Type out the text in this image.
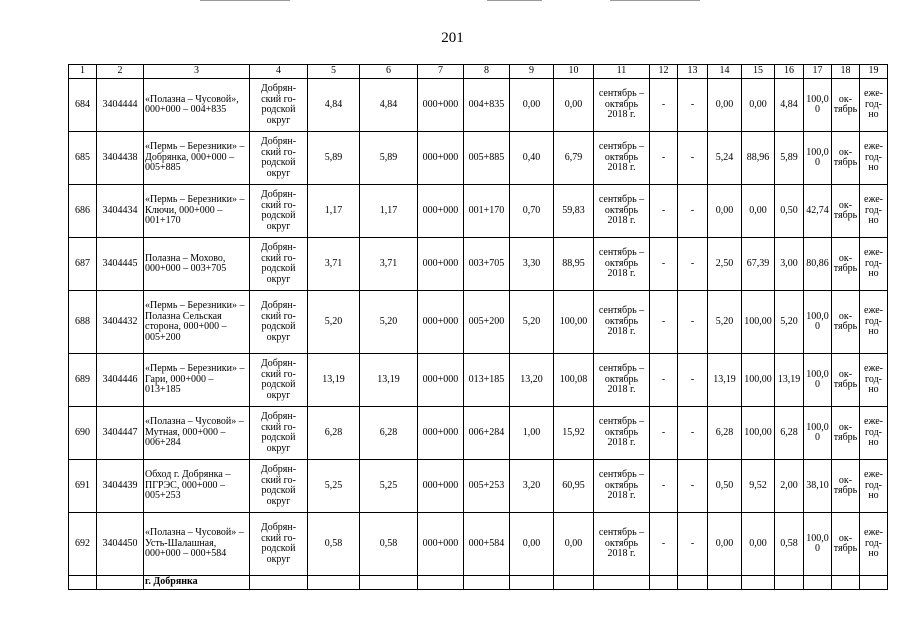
201
1	2	3	4	5	6	7	8	9	10	11	12	13	14	15	16	17	18	19
684	3404444	«Полазна – Чусовой», 000+000 – 004+835	Добрян-ский го-родской округ	4,84	4,84	000+000	004+835	0,00	0,00	сентябрь – октябрь 2018 г.	-	-	0,00	0,00	4,84	100,0 0	ок-тябрь	еже-год-но
685	3404438	«Пермь – Березники» – Добрянка, 000+000 – 005+885	Добрян-ский го-родской округ	5,89	5,89	000+000	005+885	0,40	6,79	сентябрь – октябрь 2018 г.	-	-	5,24	88,96	5,89	100,0 0	ок-тябрь	еже-год-но
686	3404434	«Пермь – Березники» – Ключи, 000+000 – 001+170	Добрян-ский го-родской округ	1,17	1,17	000+000	001+170	0,70	59,83	сентябрь – октябрь 2018 г.	-	-	0,00	0,00	0,50	42,74	ок-тябрь	еже-год-но
687	3404445	Полазна – Мохово, 000+000 – 003+705	Добрян-ский го-родской округ	3,71	3,71	000+000	003+705	3,30	88,95	сентябрь – октябрь 2018 г.	-	-	2,50	67,39	3,00	80,86	ок-тябрь	еже-год-но
688	3404432	«Пермь – Березники» – Полазна Сельская сторона, 000+000 – 005+200	Добрян-ский го-родской округ	5,20	5,20	000+000	005+200	5,20	100,00	сентябрь – октябрь 2018 г.	-	-	5,20	100,00	5,20	100,0 0	ок-тябрь	еже-год-но
689	3404446	«Пермь – Березники» – Гари, 000+000 – 013+185	Добрян-ский го-родской округ	13,19	13,19	000+000	013+185	13,20	100,08	сентябрь – октябрь 2018 г.	-	-	13,19	100,00	13,19	100,0 0	ок-тябрь	еже-год-но
690	3404447	«Полазна – Чусовой» – Мутная, 000+000 – 006+284	Добрян-ский го-родской округ	6,28	6,28	000+000	006+284	1,00	15,92	сентябрь – октябрь 2018 г.	-	-	6,28	100,00	6,28	100,0 0	ок-тябрь	еже-год-но
691	3404439	Обход г. Добрянка – ПГРЭС, 000+000 – 005+253	Добрян-ский го-родской округ	5,25	5,25	000+000	005+253	3,20	60,95	сентябрь – октябрь 2018 г.	-	-	0,50	9,52	2,00	38,10	ок-тябрь	еже-год-но
692	3404450	«Полазна – Чусовой» – Усть-Шалашная, 000+000 – 000+584	Добрян-ский го-родской округ	0,58	0,58	000+000	000+584	0,00	0,00	сентябрь – октябрь 2018 г.	-	-	0,00	0,00	0,58	100,0 0	ок-тябрь	еже-год-но
		г. Добрянка																
